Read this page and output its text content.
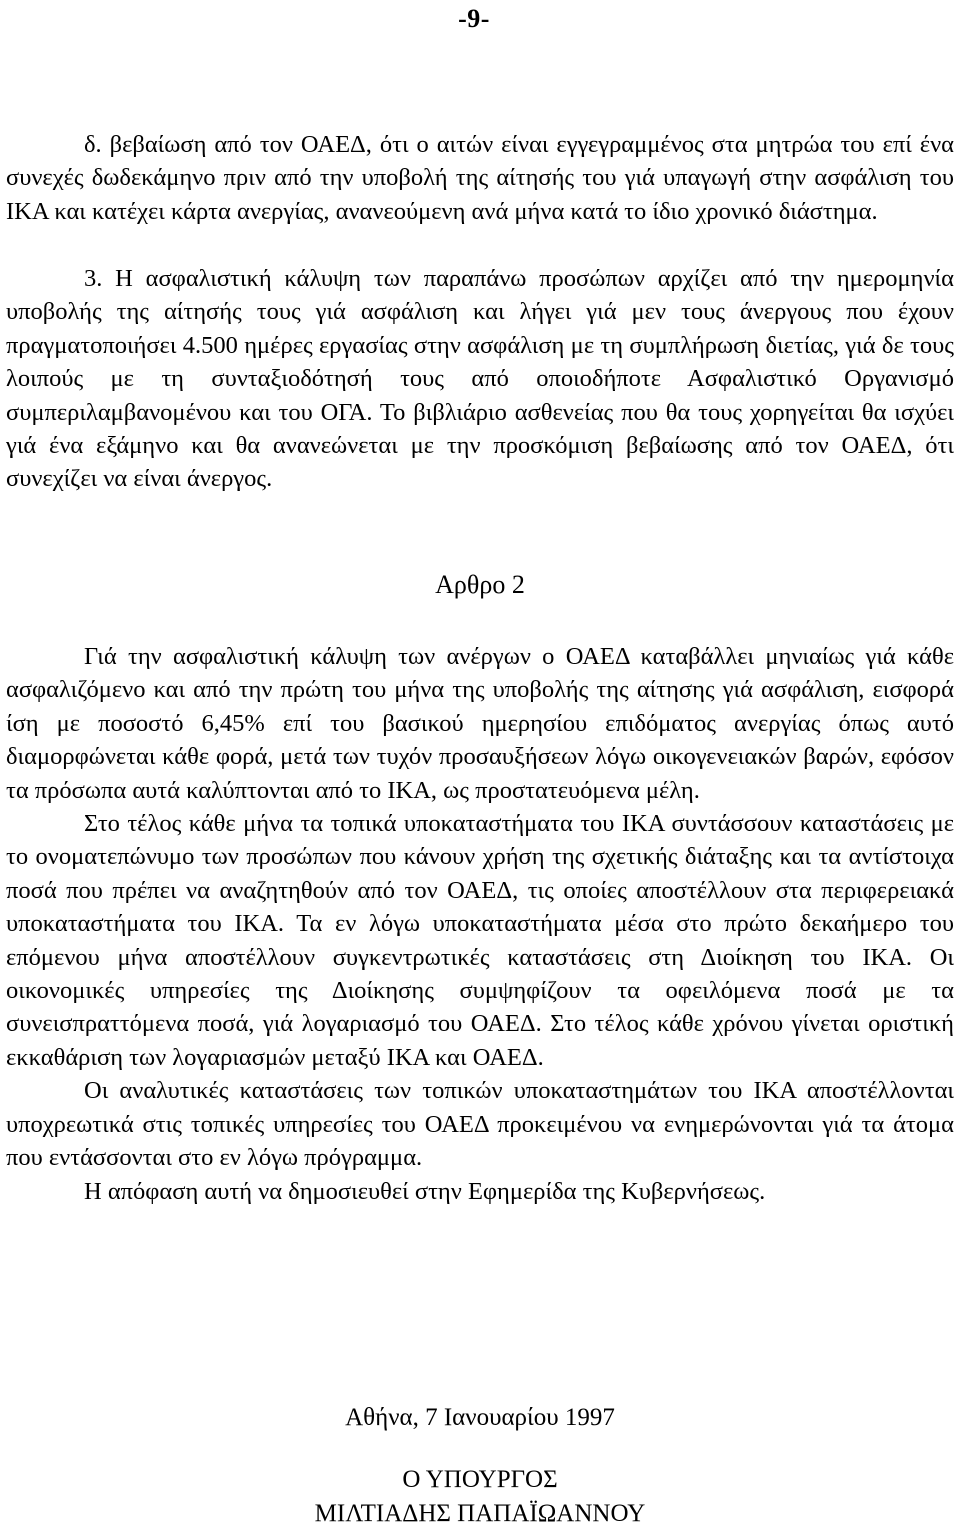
-9-

δ. βεβαίωση από τον ΟΑΕΔ, ότι ο αιτών είναι εγγεγραμμένος στα μητρώα του επί ένα συνεχές δωδεκάμηνο πριν από την υποβολή της αίτησής του γιά υπαγωγή στην ασφάλιση του ΙΚΑ και κατέχει κάρτα ανεργίας, ανανεούμενη ανά μήνα κατά το ίδιο χρονικό διάστημα.

3. Η ασφαλιστική κάλυψη των παραπάνω προσώπων αρχίζει από την ημερομηνία υποβολής της αίτησής τους γιά ασφάλιση και λήγει γιά μεν τους άνεργους που έχουν πραγματοποιήσει 4.500 ημέρες εργασίας στην ασφάλιση με τη συμπλήρωση διετίας, γιά δε τους λοιπούς με τη συνταξιοδότησή τους από οποιοδήποτε Ασφαλιστικό Οργανισμό συμπεριλαμβανομένου και του ΟΓΑ. Το βιβλιάριο ασθενείας που θα τους χορηγείται θα ισχύει γιά ένα εξάμηνο και θα ανανεώνεται με την προσκόμιση βεβαίωσης από τον ΟΑΕΔ, ότι συνεχίζει να είναι άνεργος.

Αρθρο 2

Γιά την ασφαλιστική κάλυψη των ανέργων ο ΟΑΕΔ καταβάλλει μηνιαίως γιά κάθε ασφαλιζόμενο και από την πρώτη του μήνα της υποβολής της αίτησης γιά ασφάλιση, εισφορά ίση με ποσοστό 6,45% επί του βασικού ημερησίου επιδόματος ανεργίας όπως αυτό διαμορφώνεται κάθε φορά, μετά των τυχόν προσαυξήσεων λόγω οικογενειακών βαρών, εφόσον τα πρόσωπα αυτά καλύπτονται από το ΙΚΑ, ως προστατευόμενα μέλη.

Στο τέλος κάθε μήνα τα τοπικά υποκαταστήματα του ΙΚΑ συντάσσουν καταστάσεις με το ονοματεπώνυμο των προσώπων που κάνουν χρήση της σχετικής διάταξης και τα αντίστοιχα ποσά που πρέπει να αναζητηθούν από τον ΟΑΕΔ, τις οποίες αποστέλλουν στα περιφερειακά υποκαταστήματα του ΙΚΑ. Τα εν λόγω υποκαταστήματα μέσα στο πρώτο δεκαήμερο του επόμενου μήνα αποστέλλουν συγκεντρωτικές καταστάσεις στη Διοίκηση του ΙΚΑ. Οι οικονομικές υπηρεσίες της Διοίκησης συμψηφίζουν τα οφειλόμενα ποσά με τα συνεισπραττόμενα ποσά, γιά λογαριασμό του ΟΑΕΔ. Στο τέλος κάθε χρόνου γίνεται οριστική εκκαθάριση των λογαριασμών μεταξύ ΙΚΑ και ΟΑΕΔ.

Οι αναλυτικές καταστάσεις των τοπικών υποκαταστημάτων του ΙΚΑ αποστέλλονται υποχρεωτικά στις τοπικές υπηρεσίες του ΟΑΕΔ προκειμένου να ενημερώνονται γιά τα άτομα που εντάσσονται στο εν λόγω πρόγραμμα.

Η απόφαση αυτή να δημοσιευθεί στην Εφημερίδα της Κυβερνήσεως.

Αθήνα, 7 Ιανουαρίου 1997
Ο ΥΠΟΥΡΓΟΣ
ΜΙΛΤΙΑΔΗΣ ΠΑΠΑΪΩΑΝΝΟΥ
